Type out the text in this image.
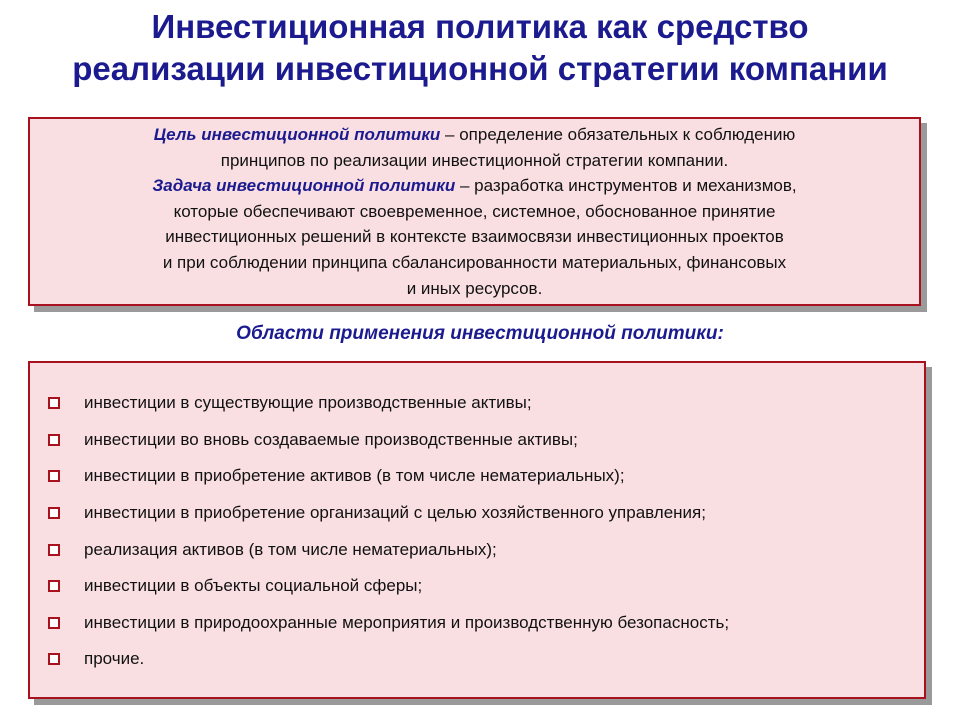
Инвестиционная политика как средство
реализации инвестиционной стратегии компании
Цель инвестиционной политики – определение обязательных к соблюдению
принципов по реализации инвестиционной стратегии компании.
Задача инвестиционной политики – разработка инструментов и механизмов,
которые обеспечивают своевременное, системное, обоснованное принятие
инвестиционных решений в контексте взаимосвязи инвестиционных проектов
и при соблюдении принципа сбалансированности материальных, финансовых
и иных ресурсов.
Области применения инвестиционной политики:
инвестиции в существующие производственные активы;
инвестиции во вновь создаваемые производственные активы;
инвестиции в приобретение активов (в том числе нематериальных);
инвестиции в приобретение организаций с целью хозяйственного управления;
реализация активов (в том числе нематериальных);
инвестиции в объекты социальной сферы;
инвестиции в природоохранные мероприятия и производственную безопасность;
прочие.
